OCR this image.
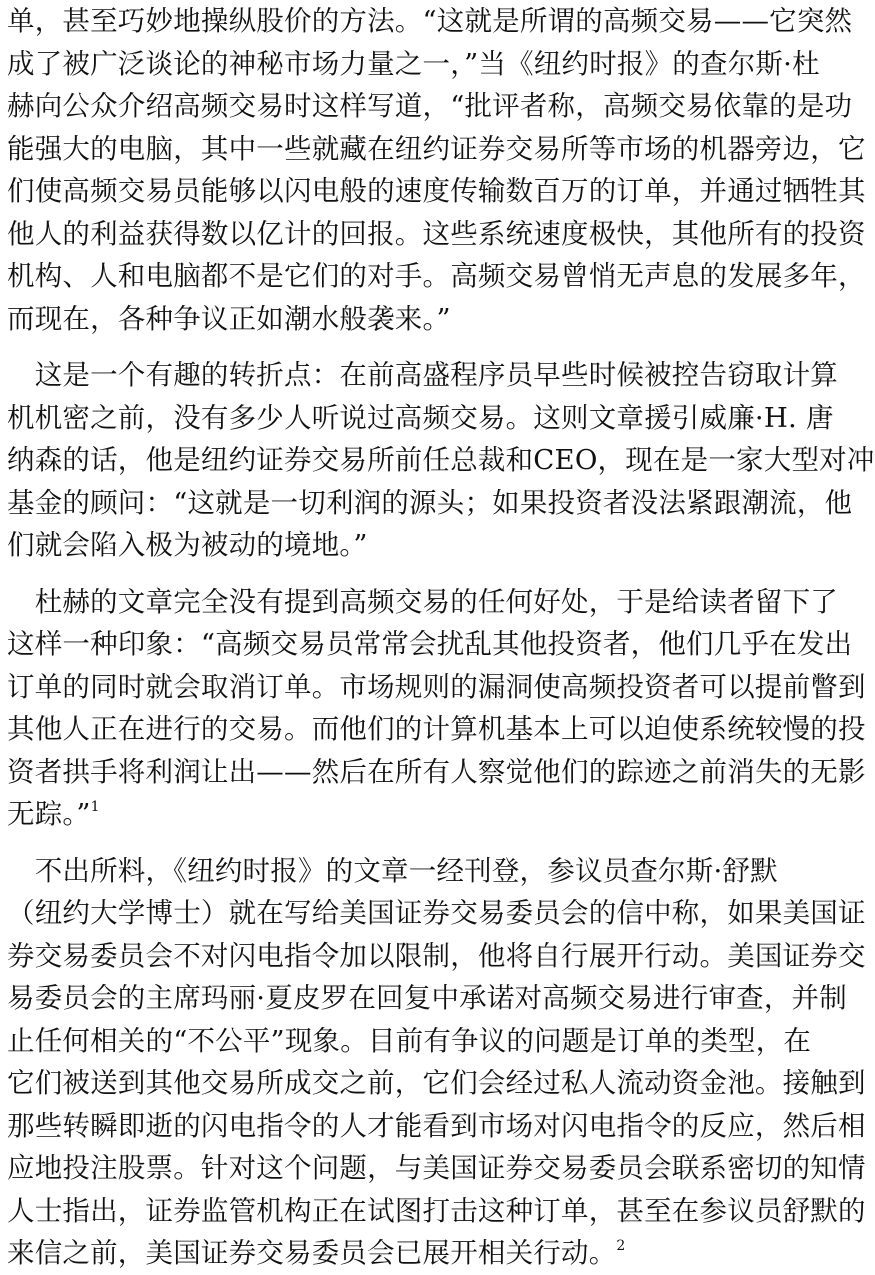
单，甚至巧妙地操纵股价的方法。“这就是所谓的高频交易——它突然
成了被广泛谈论的神秘市场力量之一，”当《纽约时报》的查尔斯·杜
赫向公众介绍高频交易时这样写道，“批评者称，高频交易依靠的是功
能强大的电脑，其中一些就藏在纽约证券交易所等市场的机器旁边，它
们使高频交易员能够以闪电般的速度传输数百万的订单，并通过牺牲其
他人的利益获得数以亿计的回报。这些系统速度极快，其他所有的投资
机构、人和电脑都不是它们的对手。高频交易曾悄无声息的发展多年，
而现在，各种争议正如潮水般袭来。”
　这是一个有趣的转折点：在前高盛程序员早些时候被控告窃取计算
机机密之前，没有多少人听说过高频交易。这则文章援引威廉·H. 唐
纳森的话，他是纽约证券交易所前任总裁和CEO，现在是一家大型对冲
基金的顾问：“这就是一切利润的源头；如果投资者没法紧跟潮流，他
们就会陷入极为被动的境地。”
　杜赫的文章完全没有提到高频交易的任何好处，于是给读者留下了
这样一种印象：“高频交易员常常会扰乱其他投资者，他们几乎在发出
订单的同时就会取消订单。市场规则的漏洞使高频投资者可以提前瞥到
其他人正在进行的交易。而他们的计算机基本上可以迫使系统较慢的投
资者拱手将利润让出——然后在所有人察觉他们的踪迹之前消失的无影
无踪。”$^1$
　不出所料，《纽约时报》的文章一经刊登，参议员查尔斯·舒默
（纽约大学博士）就在写给美国证券交易委员会的信中称，如果美国证
券交易委员会不对闪电指令加以限制，他将自行展开行动。美国证券交
易委员会的主席玛丽·夏皮罗在回复中承诺对高频交易进行审查，并制
止任何相关的“不公平”现象。目前有争议的问题是订单的类型，在
它们被送到其他交易所成交之前，它们会经过私人流动资金池。接触到
那些转瞬即逝的闪电指令的人才能看到市场对闪电指令的反应，然后相
应地投注股票。针对这个问题，与美国证券交易委员会联系密切的知情
人士指出，证券监管机构正在试图打击这种订单，甚至在参议员舒默的
来信之前，美国证券交易委员会已展开相关行动。$^2$
